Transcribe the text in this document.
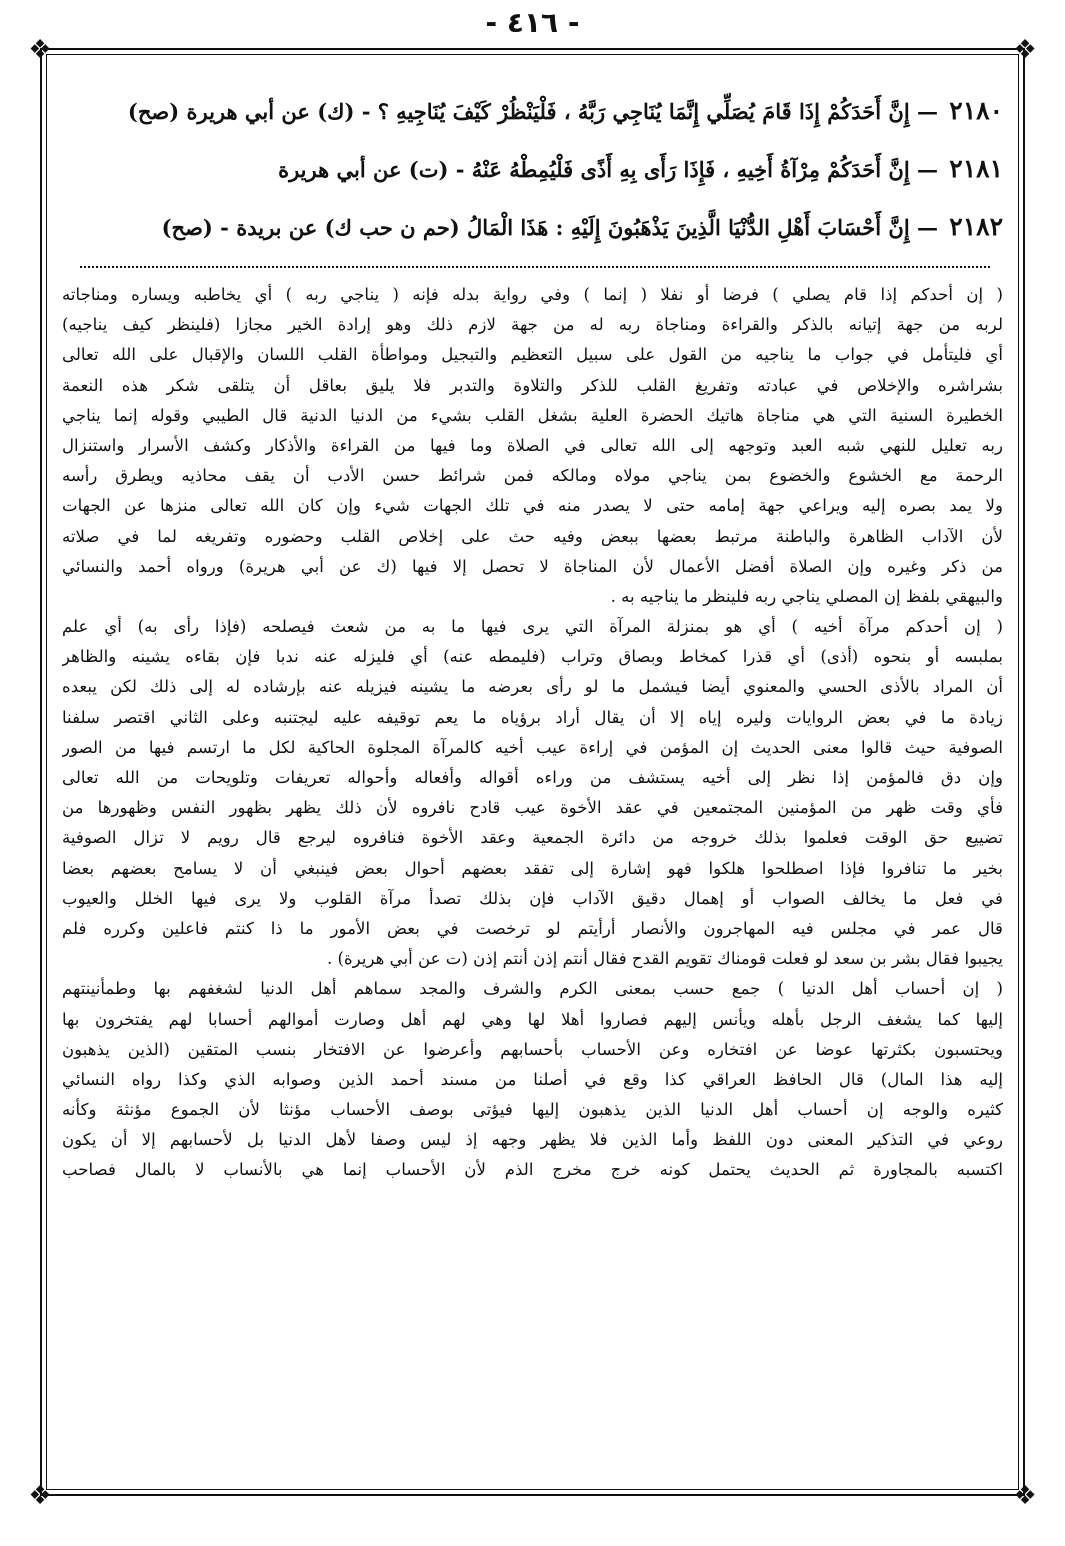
- ٤١٦ -
❖	❖
❖	❖
٢١٨٠ — إِنَّ أَحَدَكُمْ إِذَا قَامَ يُصَلِّي إِنَّمَا يُنَاجِي رَبَّهُ ، فَلْيَنْظُرْ كَيْفَ يُنَاجِيهِ ؟ - (ك) عن أبي هريرة (صح)
٢١٨١ — إِنَّ أَحَدَكُمْ مِرْآةُ أَخِيهِ ، فَإِذَا رَأَى بِهِ أَذًى فَلْيُمِطْهُ عَنْهُ - (ت) عن أبي هريرة
٢١٨٢ — إِنَّ أَحْسَابَ أَهْلِ الدُّنْيَا الَّذِينَ يَذْهَبُونَ إِلَيْهِ : هَذَا الْمَالُ (حم ن حب ك) عن بريدة - (صح)
( إن أحدكم إذا قام يصلي ) فرضا أو نفلا ( إنما ) وفي رواية بدله فإنه ( يناجي ربه ) أي يخاطبه ويساره ومناجاته
لربه من جهة إتيانه بالذكر والقراءة ومناجاة ربه له من جهة لازم ذلك وهو إرادة الخير مجازا (فلينظر كيف يناجيه)
أي فليتأمل في جواب ما يناجيه من القول على سبيل التعظيم والتبجيل ومواطأة القلب اللسان والإقبال على الله تعالى
بشراشره والإخلاص في عبادته وتفريغ القلب للذكر والتلاوة والتدبر فلا يليق بعاقل أن يتلقى شكر هذه النعمة
الخطيرة السنية التي هي مناجاة هاتيك الحضرة العلية بشغل القلب بشيء من الدنيا الدنية قال الطيبي وقوله إنما يناجي
ربه تعليل للنهي شبه العبد وتوجهه إلى الله تعالى في الصلاة وما فيها من القراءة والأذكار وكشف الأسرار واستنزال
الرحمة مع الخشوع والخضوع بمن يناجي مولاه ومالكه فمن شرائط حسن الأدب أن يقف محاذيه ويطرق رأسه
ولا يمد بصره إليه ويراعي جهة إمامه حتى لا يصدر منه في تلك الجهات شيء وإن كان الله تعالى منزها عن الجهات
لأن الآداب الظاهرة والباطنة مرتبط بعضها ببعض وفيه حث على إخلاص القلب وحضوره وتفريغه لما في صلاته
من ذكر وغيره وإن الصلاة أفضل الأعمال لأن المناجاة لا تحصل إلا فيها (ك عن أبي هريرة) ورواه أحمد والنسائي
والبيهقي بلفظ إن المصلي يناجي ربه فلينظر ما يناجيه به .
( إن أحدكم مرآة أخيه ) أي هو بمنزلة المرآة التي يرى فيها ما به من شعث فيصلحه (فإذا رأى به) أي علم
بملبسه أو بنحوه (أذى) أي قذرا كمخاط وبصاق وتراب (فليمطه عنه) أي فليزله عنه ندبا فإن بقاءه يشينه والظاهر
أن المراد بالأذى الحسي والمعنوي أيضا فيشمل ما لو رأى بعرضه ما يشينه فيزيله عنه بإرشاده له إلى ذلك لكن يبعده
زيادة ما في بعض الروايات وليره إياه إلا أن يقال أراد برؤياه ما يعم توقيفه عليه ليجتنبه وعلى الثاني اقتصر سلفنا
الصوفية حيث قالوا معنى الحديث إن المؤمن في إراءة عيب أخيه كالمرآة المجلوة الحاكية لكل ما ارتسم فيها من الصور
وإن دق فالمؤمن إذا نظر إلى أخيه يستشف من وراءه أقواله وأفعاله وأحواله تعريفات وتلويحات من الله تعالى
فأي وقت ظهر من المؤمنين المجتمعين في عقد الأخوة عيب قادح نافروه لأن ذلك يظهر بظهور النفس وظهورها من
تضييع حق الوقت فعلموا بذلك خروجه من دائرة الجمعية وعقد الأخوة فنافروه ليرجع قال رويم لا تزال الصوفية
بخير ما تنافروا فإذا اصطلحوا هلكوا فهو إشارة إلى تفقد بعضهم أحوال بعض فينبغي أن لا يسامح بعضهم بعضا
في فعل ما يخالف الصواب أو إهمال دقيق الآداب فإن بذلك تصدأ مرآة القلوب ولا يرى فيها الخلل والعيوب
قال عمر في مجلس فيه المهاجرون والأنصار أرأيتم لو ترخصت في بعض الأمور ما ذا كنتم فاعلين وكرره فلم
يجيبوا فقال بشر بن سعد لو فعلت قومناك تقويم القدح فقال أنتم إذن أنتم إذن (ت عن أبي هريرة) .
( إن أحساب أهل الدنيا ) جمع حسب بمعنى الكرم والشرف والمجد سماهم أهل الدنيا لشغفهم بها وطمأنينتهم
إليها كما يشغف الرجل بأهله ويأنس إليهم فصاروا أهلا لها وهي لهم أهل وصارت أموالهم أحسابا لهم يفتخرون بها
ويحتسبون بكثرتها عوضا عن افتخاره وعن الأحساب بأحسابهم وأعرضوا عن الافتخار بنسب المتقين (الذين يذهبون
إليه هذا المال) قال الحافظ العراقي كذا وقع في أصلنا من مسند أحمد الذين وصوابه الذي وكذا رواه النسائي
كثيره والوجه إن أحساب أهل الدنيا الذين يذهبون إليها فيؤتى بوصف الأحساب مؤنثا لأن الجموع مؤنثة وكأنه
روعي في التذكير المعنى دون اللفظ وأما الذين فلا يظهر وجهه إذ ليس وصفا لأهل الدنيا بل لأحسابهم إلا أن يكون
اكتسبه بالمجاورة ثم الحديث يحتمل كونه خرج مخرج الذم لأن الأحساب إنما هي بالأنساب لا بالمال فصاحب
